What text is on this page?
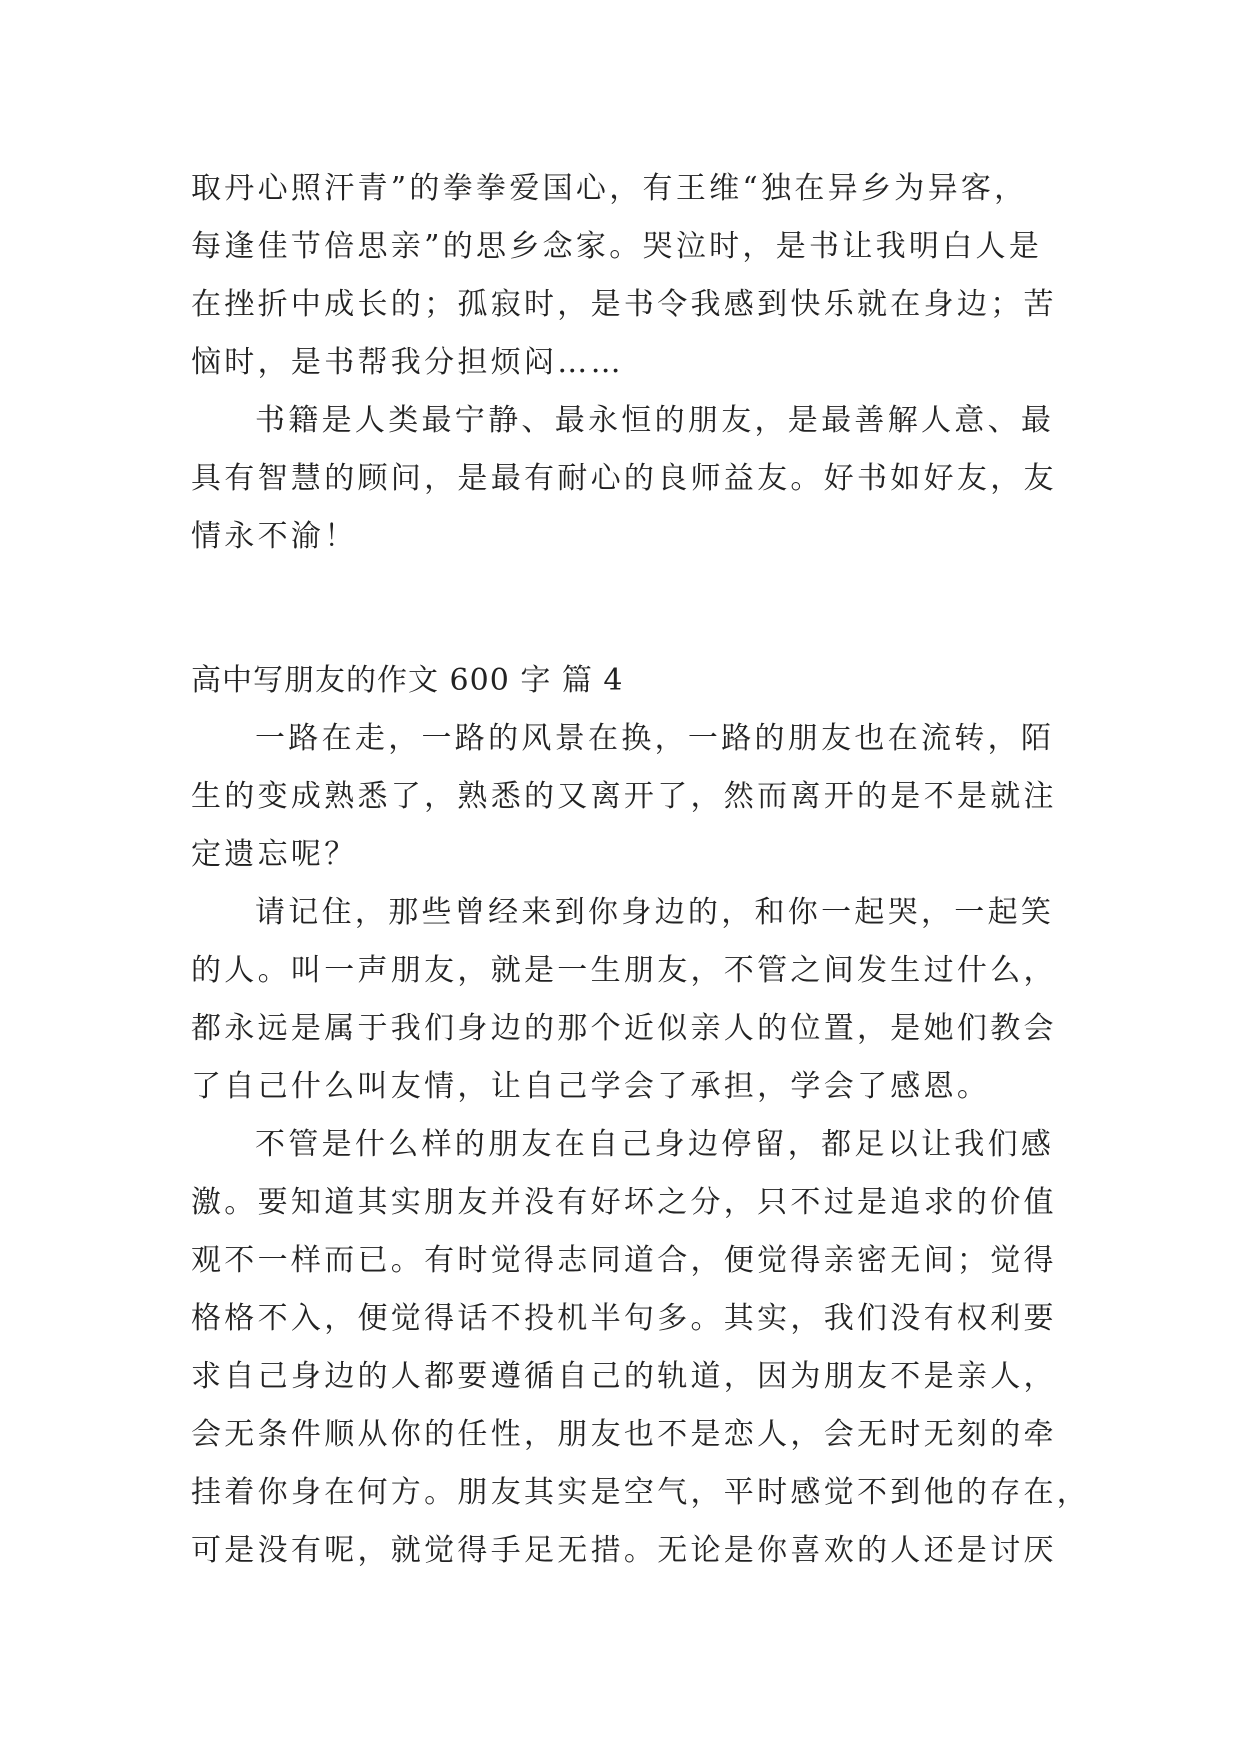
取丹心照汗青”的拳拳爱国心，有王维“独在异乡为异客，
每逢佳节倍思亲”的思乡念家。哭泣时，是书让我明白人是
在挫折中成长的；孤寂时，是书令我感到快乐就在身边；苦
恼时，是书帮我分担烦闷……
书籍是人类最宁静、最永恒的朋友，是最善解人意、最
具有智慧的顾问，是最有耐心的良师益友。好书如好友，友
情永不渝！
高中写朋友的作文 600 字 篇 4
一路在走，一路的风景在换，一路的朋友也在流转，陌
生的变成熟悉了，熟悉的又离开了，然而离开的是不是就注
定遗忘呢？
请记住，那些曾经来到你身边的，和你一起哭，一起笑
的人。叫一声朋友，就是一生朋友，不管之间发生过什么，
都永远是属于我们身边的那个近似亲人的位置，是她们教会
了自己什么叫友情，让自己学会了承担，学会了感恩。
不管是什么样的朋友在自己身边停留，都足以让我们感
激。要知道其实朋友并没有好坏之分，只不过是追求的价值
观不一样而已。有时觉得志同道合，便觉得亲密无间；觉得
格格不入，便觉得话不投机半句多。其实，我们没有权利要
求自己身边的人都要遵循自己的轨道，因为朋友不是亲人，
会无条件顺从你的任性，朋友也不是恋人，会无时无刻的牵
挂着你身在何方。朋友其实是空气，平时感觉不到他的存在，
可是没有呢，就觉得手足无措。无论是你喜欢的人还是讨厌
